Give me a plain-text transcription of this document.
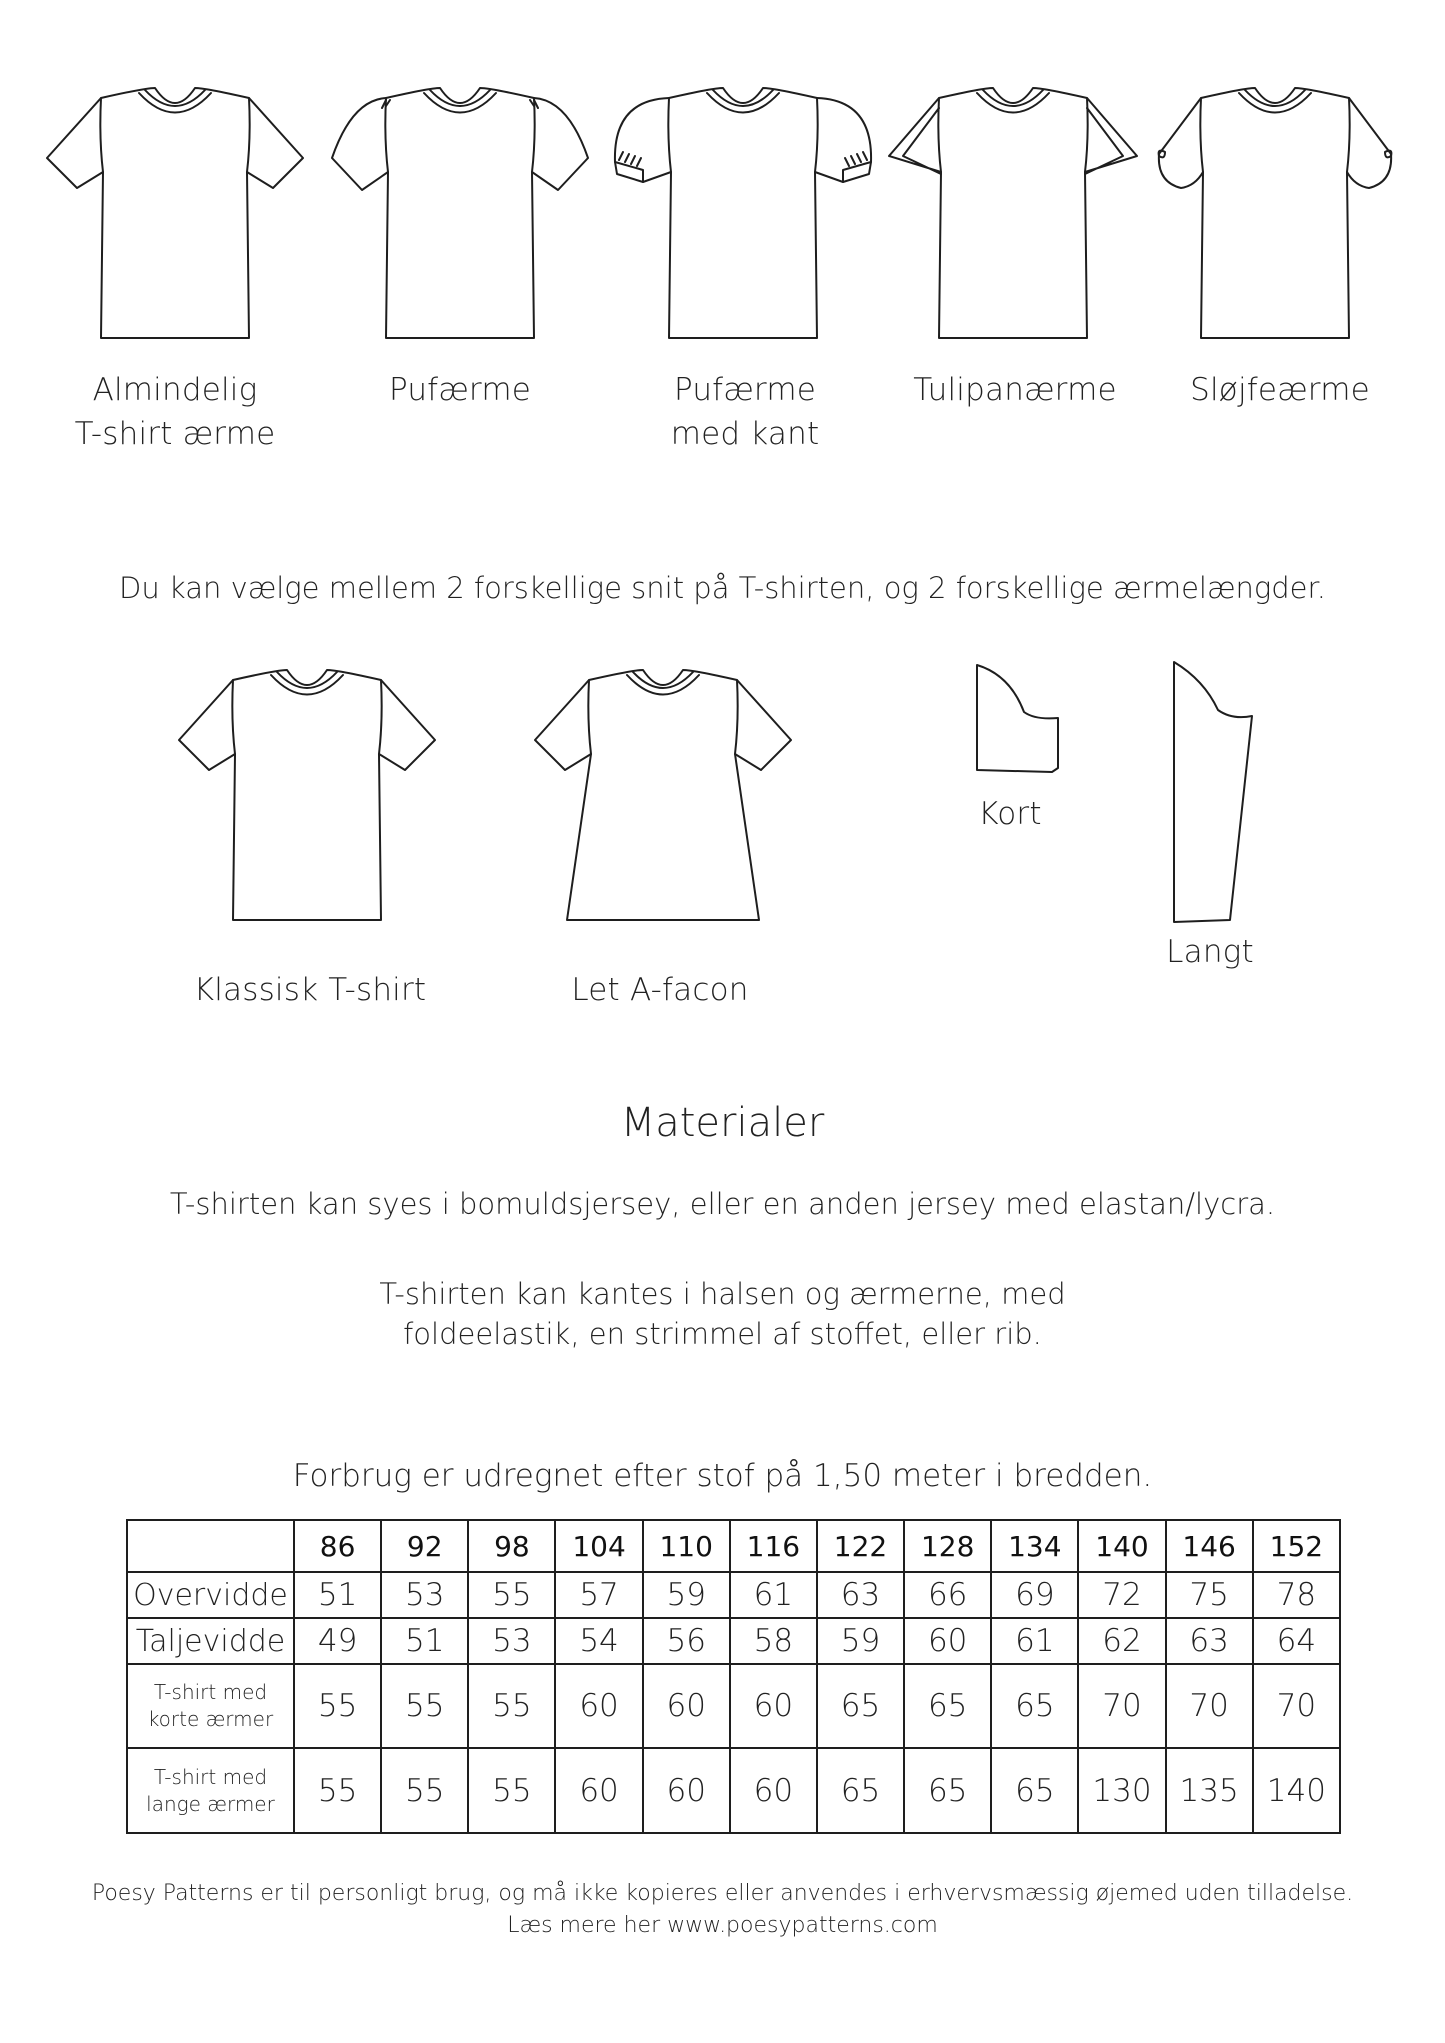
Almindelig
T-shirt ærme
Pufærme	Pufærme
med kant
Tulipanærme	Sløjfeærme
Du kan vælge mellem 2 forskellige snit på T-shirten, og 2 forskellige ærmelængder.
Klassisk T-shirt	Let A-facon
Kort
Langt
Materialer
T-shirten kan syes i bomuldsjersey, eller en anden jersey med elastan/lycra.
T-shirten kan kantes i halsen og ærmerne, med
foldeelastik, en strimmel af stoffet, eller rib.
Forbrug er udregnet efter stof på 1,50 meter i bredden.
	86	92	98	104	110	116	122	128	134	140	146	152
Overvidde	51	53	55	57	59	61	63	66	69	72	75	78
Taljevidde	49	51	53	54	56	58	59	60	61	62	63	64
T-shirt med
korte ærmer	55	55	55	60	60	60	65	65	65	70	70	70
T-shirt med
lange ærmer	55	55	55	60	60	60	65	65	65	130	135	140
Poesy Patterns er til personligt brug, og må ikke kopieres eller anvendes i erhvervsmæssig øjemed uden tilladelse.
Læs mere her www.poesypatterns.com
